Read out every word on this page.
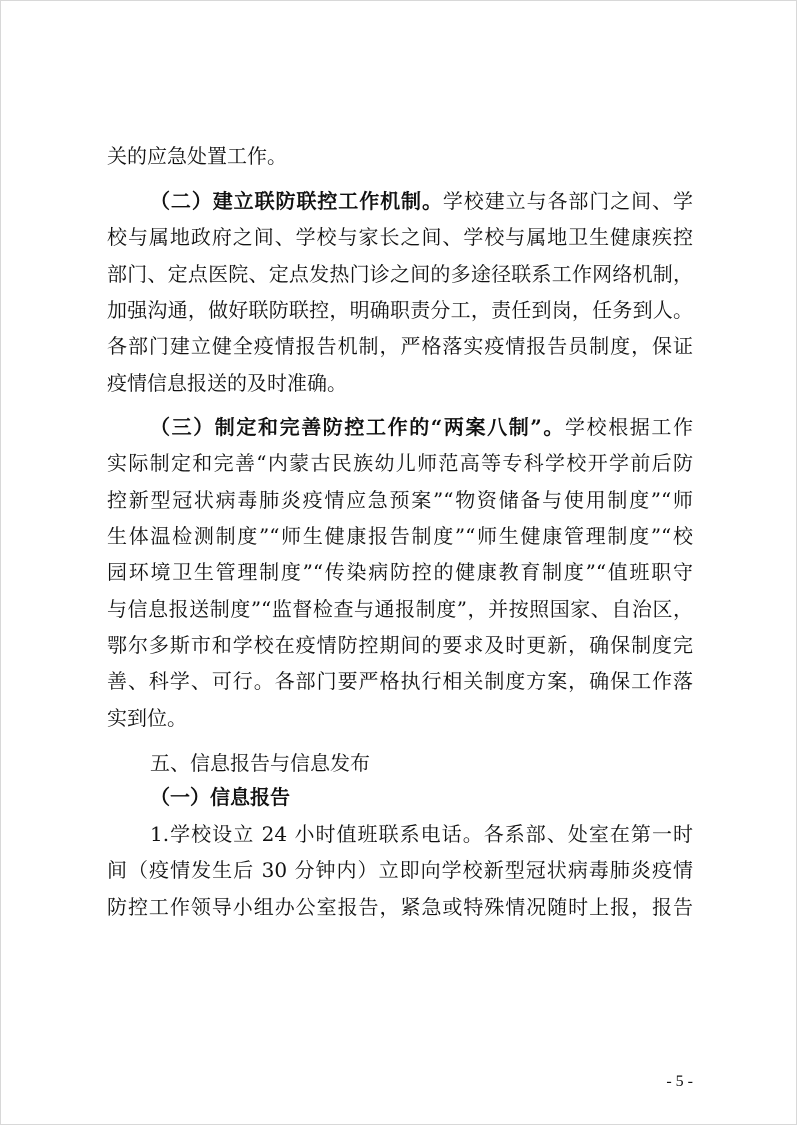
关的应急处置工作。
（二）建立联防联控工作机制。学校建立与各部门之间、学
校与属地政府之间、学校与家长之间、学校与属地卫生健康疾控
部门、定点医院、定点发热门诊之间的多途径联系工作网络机制，
加强沟通，做好联防联控，明确职责分工，责任到岗，任务到人。
各部门建立健全疫情报告机制，严格落实疫情报告员制度，保证
疫情信息报送的及时准确。
（三）制定和完善防控工作的“两案八制”。学校根据工作
实际制定和完善“内蒙古民族幼儿师范高等专科学校开学前后防
控新型冠状病毒肺炎疫情应急预案”“物资储备与使用制度”“师
生体温检测制度”“师生健康报告制度”“师生健康管理制度”“校
园环境卫生管理制度”“传染病防控的健康教育制度”“值班职守
与信息报送制度”“监督检查与通报制度”，并按照国家、自治区，
鄂尔多斯市和学校在疫情防控期间的要求及时更新，确保制度完
善、科学、可行。各部门要严格执行相关制度方案，确保工作落
实到位。
五、信息报告与信息发布
（一）信息报告
1.学校设立 24 小时值班联系电话。各系部、处室在第一时
间（疫情发生后 30 分钟内）立即向学校新型冠状病毒肺炎疫情
防控工作领导小组办公室报告，紧急或特殊情况随时上报，报告
- 5 -
